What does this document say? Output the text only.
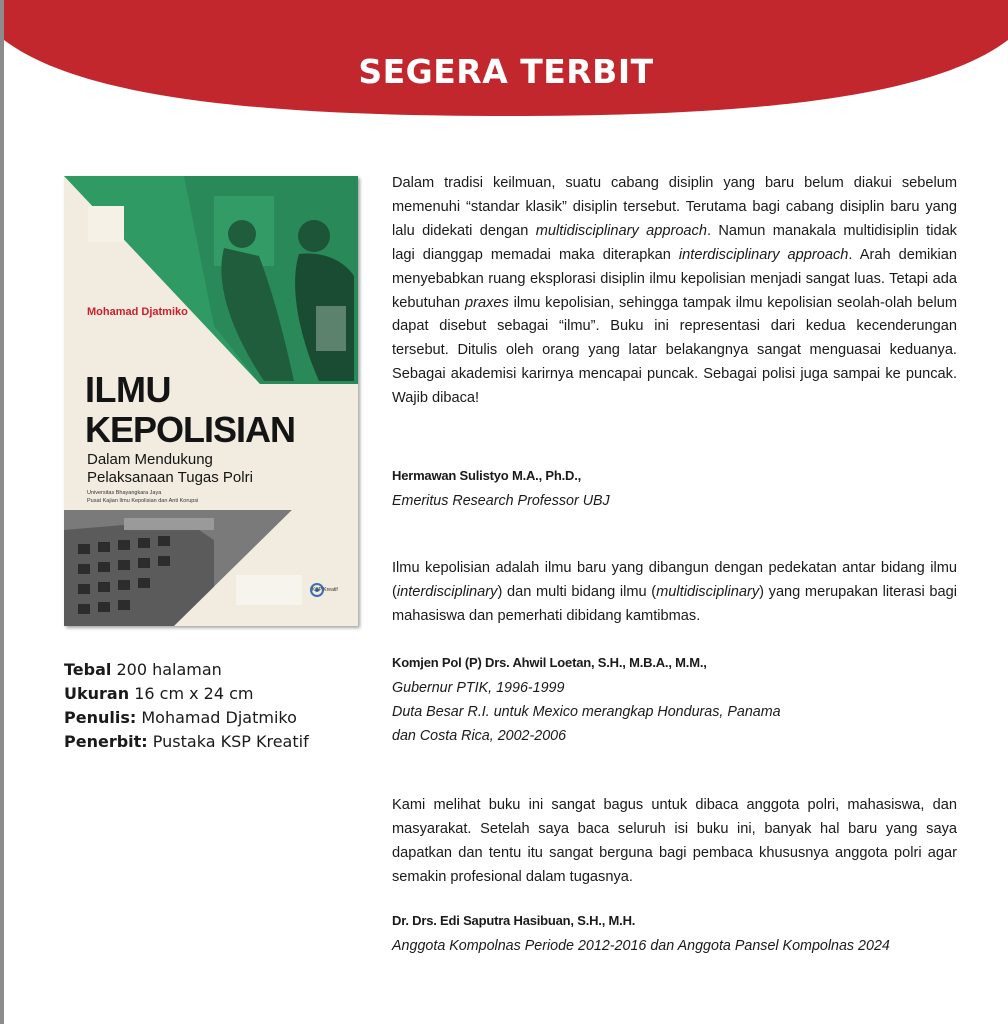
SEGERA TERBIT
Mohamad Djatmiko
ILMU
KEPOLISIAN
Dalam Mendukung
Pelaksanaan Tugas Polri
Universitas Bhayangkara Jaya
Pusat Kajian Ilmu Kepolisian dan Anti Korupsi
KSP Kreatif
Tebal 200 halaman
Ukuran 16 cm x 24 cm
Penulis: Mohamad Djatmiko
Penerbit: Pustaka KSP Kreatif

Dalam tradisi keilmuan, suatu cabang disiplin yang baru belum diakui sebelum memenuhi “standar klasik” disiplin tersebut. Terutama bagi cabang disiplin baru yang lalu didekati dengan multidisciplinary approach. Namun manakala multidisiplin tidak lagi dianggap memadai maka diterapkan interdisciplinary approach. Arah demikian menyebabkan ruang eksplorasi disiplin ilmu kepolisian menjadi sangat luas. Tetapi ada kebutuhan praxes ilmu kepolisian, sehingga tampak ilmu kepolisian seolah-olah belum dapat disebut sebagai “ilmu”. Buku ini representasi dari kedua kecenderungan tersebut. Ditulis oleh orang yang latar belakangnya sangat menguasai keduanya. Sebagai akademisi karirnya mencapai puncak. Sebagai polisi juga sampai ke puncak. Wajib dibaca!

Hermawan Sulistyo M.A., Ph.D.,
Emeritus Research Professor UBJ

Ilmu kepolisian adalah ilmu baru yang dibangun dengan pedekatan antar bidang ilmu (interdisciplinary) dan multi bidang ilmu (multidisciplinary) yang merupakan literasi bagi mahasiswa dan pemerhati dibidang kamtibmas.

Komjen Pol (P) Drs. Ahwil Loetan, S.H., M.B.A., M.M.,
Gubernur PTIK, 1996-1999
Duta Besar R.I. untuk Mexico merangkap Honduras, Panama
dan Costa Rica, 2002-2006

Kami melihat buku ini sangat bagus untuk dibaca anggota polri, mahasiswa, dan masyarakat. Setelah saya baca seluruh isi buku ini, banyak hal baru yang saya dapatkan dan tentu itu sangat berguna bagi pembaca khususnya anggota polri agar semakin profesional dalam tugasnya.

Dr. Drs. Edi Saputra Hasibuan, S.H., M.H.
Anggota Kompolnas Periode 2012-2016 dan Anggota Pansel Kompolnas 2024
